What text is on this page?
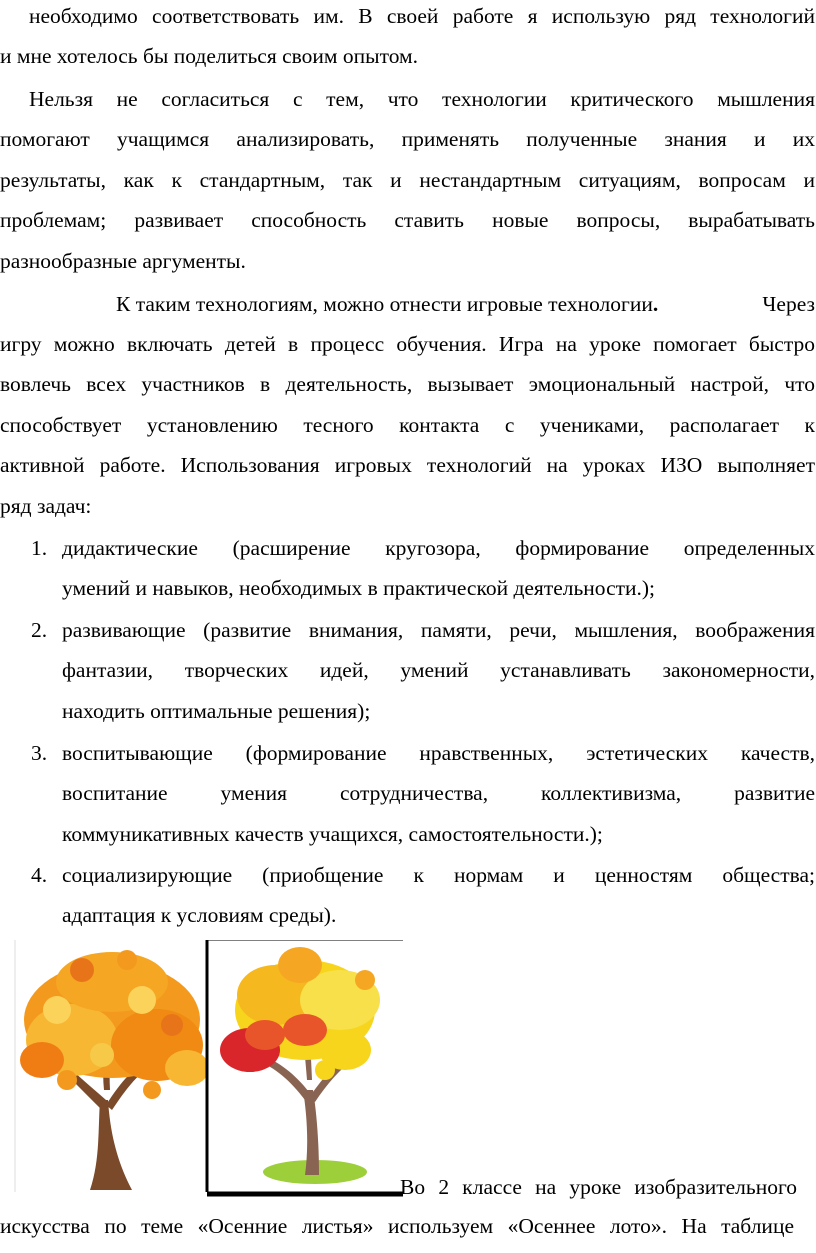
необходимо соответствовать им. В своей работе я использую ряд технологий
и мне хотелось бы поделиться своим опытом.
Нельзя не согласиться с тем, что технологии критического мышления
помогают учащимся анализировать, применять полученные знания и их
результаты, как к стандартным, так и нестандартным ситуациям, вопросам и
проблемам; развивает способность ставить новые вопросы, вырабатывать
разнообразные аргументы.
К таким технологиям, можно отнести игровые технологии.	Через
игру можно включать детей в процесс обучения. Игра на уроке помогает быстро
вовлечь всех участников в деятельность, вызывает эмоциональный настрой, что
способствует установлению тесного контакта с учениками, располагает к
активной работе. Использования игровых технологий на уроках ИЗО выполняет
ряд задач:
1. дидактические (расширение кругозора, формирование определенных
умений и навыков, необходимых в практической деятельности.);
2. развивающие (развитие внимания, памяти, речи, мышления, воображения
фантазии, творческих идей, умений устанавливать закономерности,
находить оптимальные решения);
3. воспитывающие (формирование нравственных, эстетических качеств,
воспитание умения сотрудничества, коллективизма, развитие
коммуникативных качеств учащихся, самостоятельности.);
4. социализирующие (приобщение к нормам и ценностям общества;
адаптация к условиям среды).
Во 2 классе на уроке изобразительного
искусства по теме «Осенние листья» используем «Осеннее лото». На таблице
